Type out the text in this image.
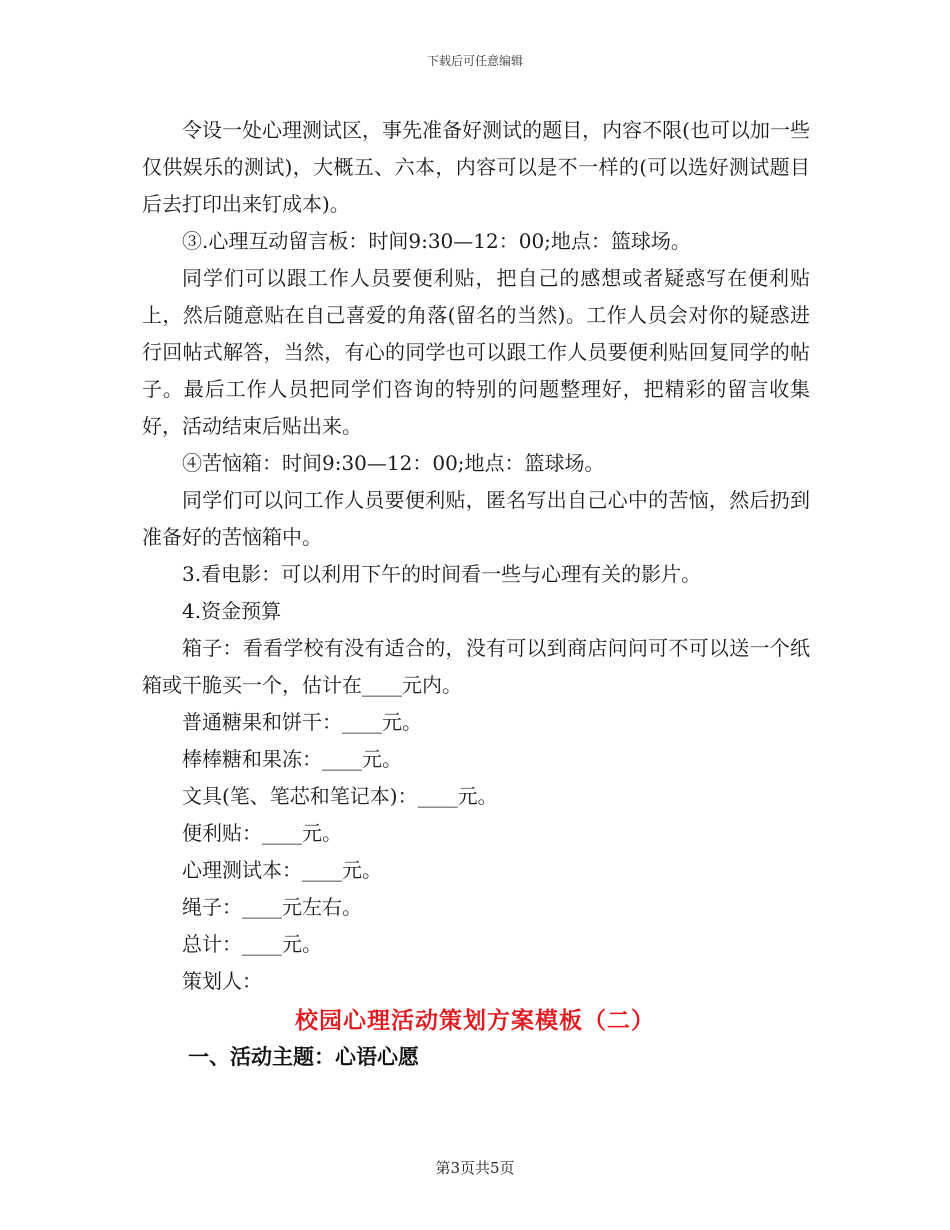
下载后可任意编辑

令设一处心理测试区，事先准备好测试的题目，内容不限(也可以加一些仅供娱乐的测试)，大概五、六本，内容可以是不一样的(可以选好测试题目后去打印出来钉成本)。

③.心理互动留言板：时间9:30—12：00;地点：篮球场。

同学们可以跟工作人员要便利贴，把自己的感想或者疑惑写在便利贴上，然后随意贴在自己喜爱的角落(留名的当然)。工作人员会对你的疑惑进行回帖式解答，当然，有心的同学也可以跟工作人员要便利贴回复同学的帖子。最后工作人员把同学们咨询的特别的问题整理好，把精彩的留言收集好，活动结束后贴出来。

④苦恼箱：时间9:30—12：00;地点：篮球场。

同学们可以问工作人员要便利贴，匿名写出自己心中的苦恼，然后扔到准备好的苦恼箱中。

3.看电影：可以利用下午的时间看一些与心理有关的影片。

4.资金预算

箱子：看看学校有没有适合的，没有可以到商店问问可不可以送一个纸箱或干脆买一个，估计在____元内。

普通糖果和饼干：____元。

棒棒糖和果冻：____元。

文具(笔、笔芯和笔记本)：____元。

便利贴：____元。

心理测试本：____元。

绳子：____元左右。

总计：____元。

策划人：

校园心理活动策划方案模板（二）
一、活动主题：心语心愿
第3页共5页
